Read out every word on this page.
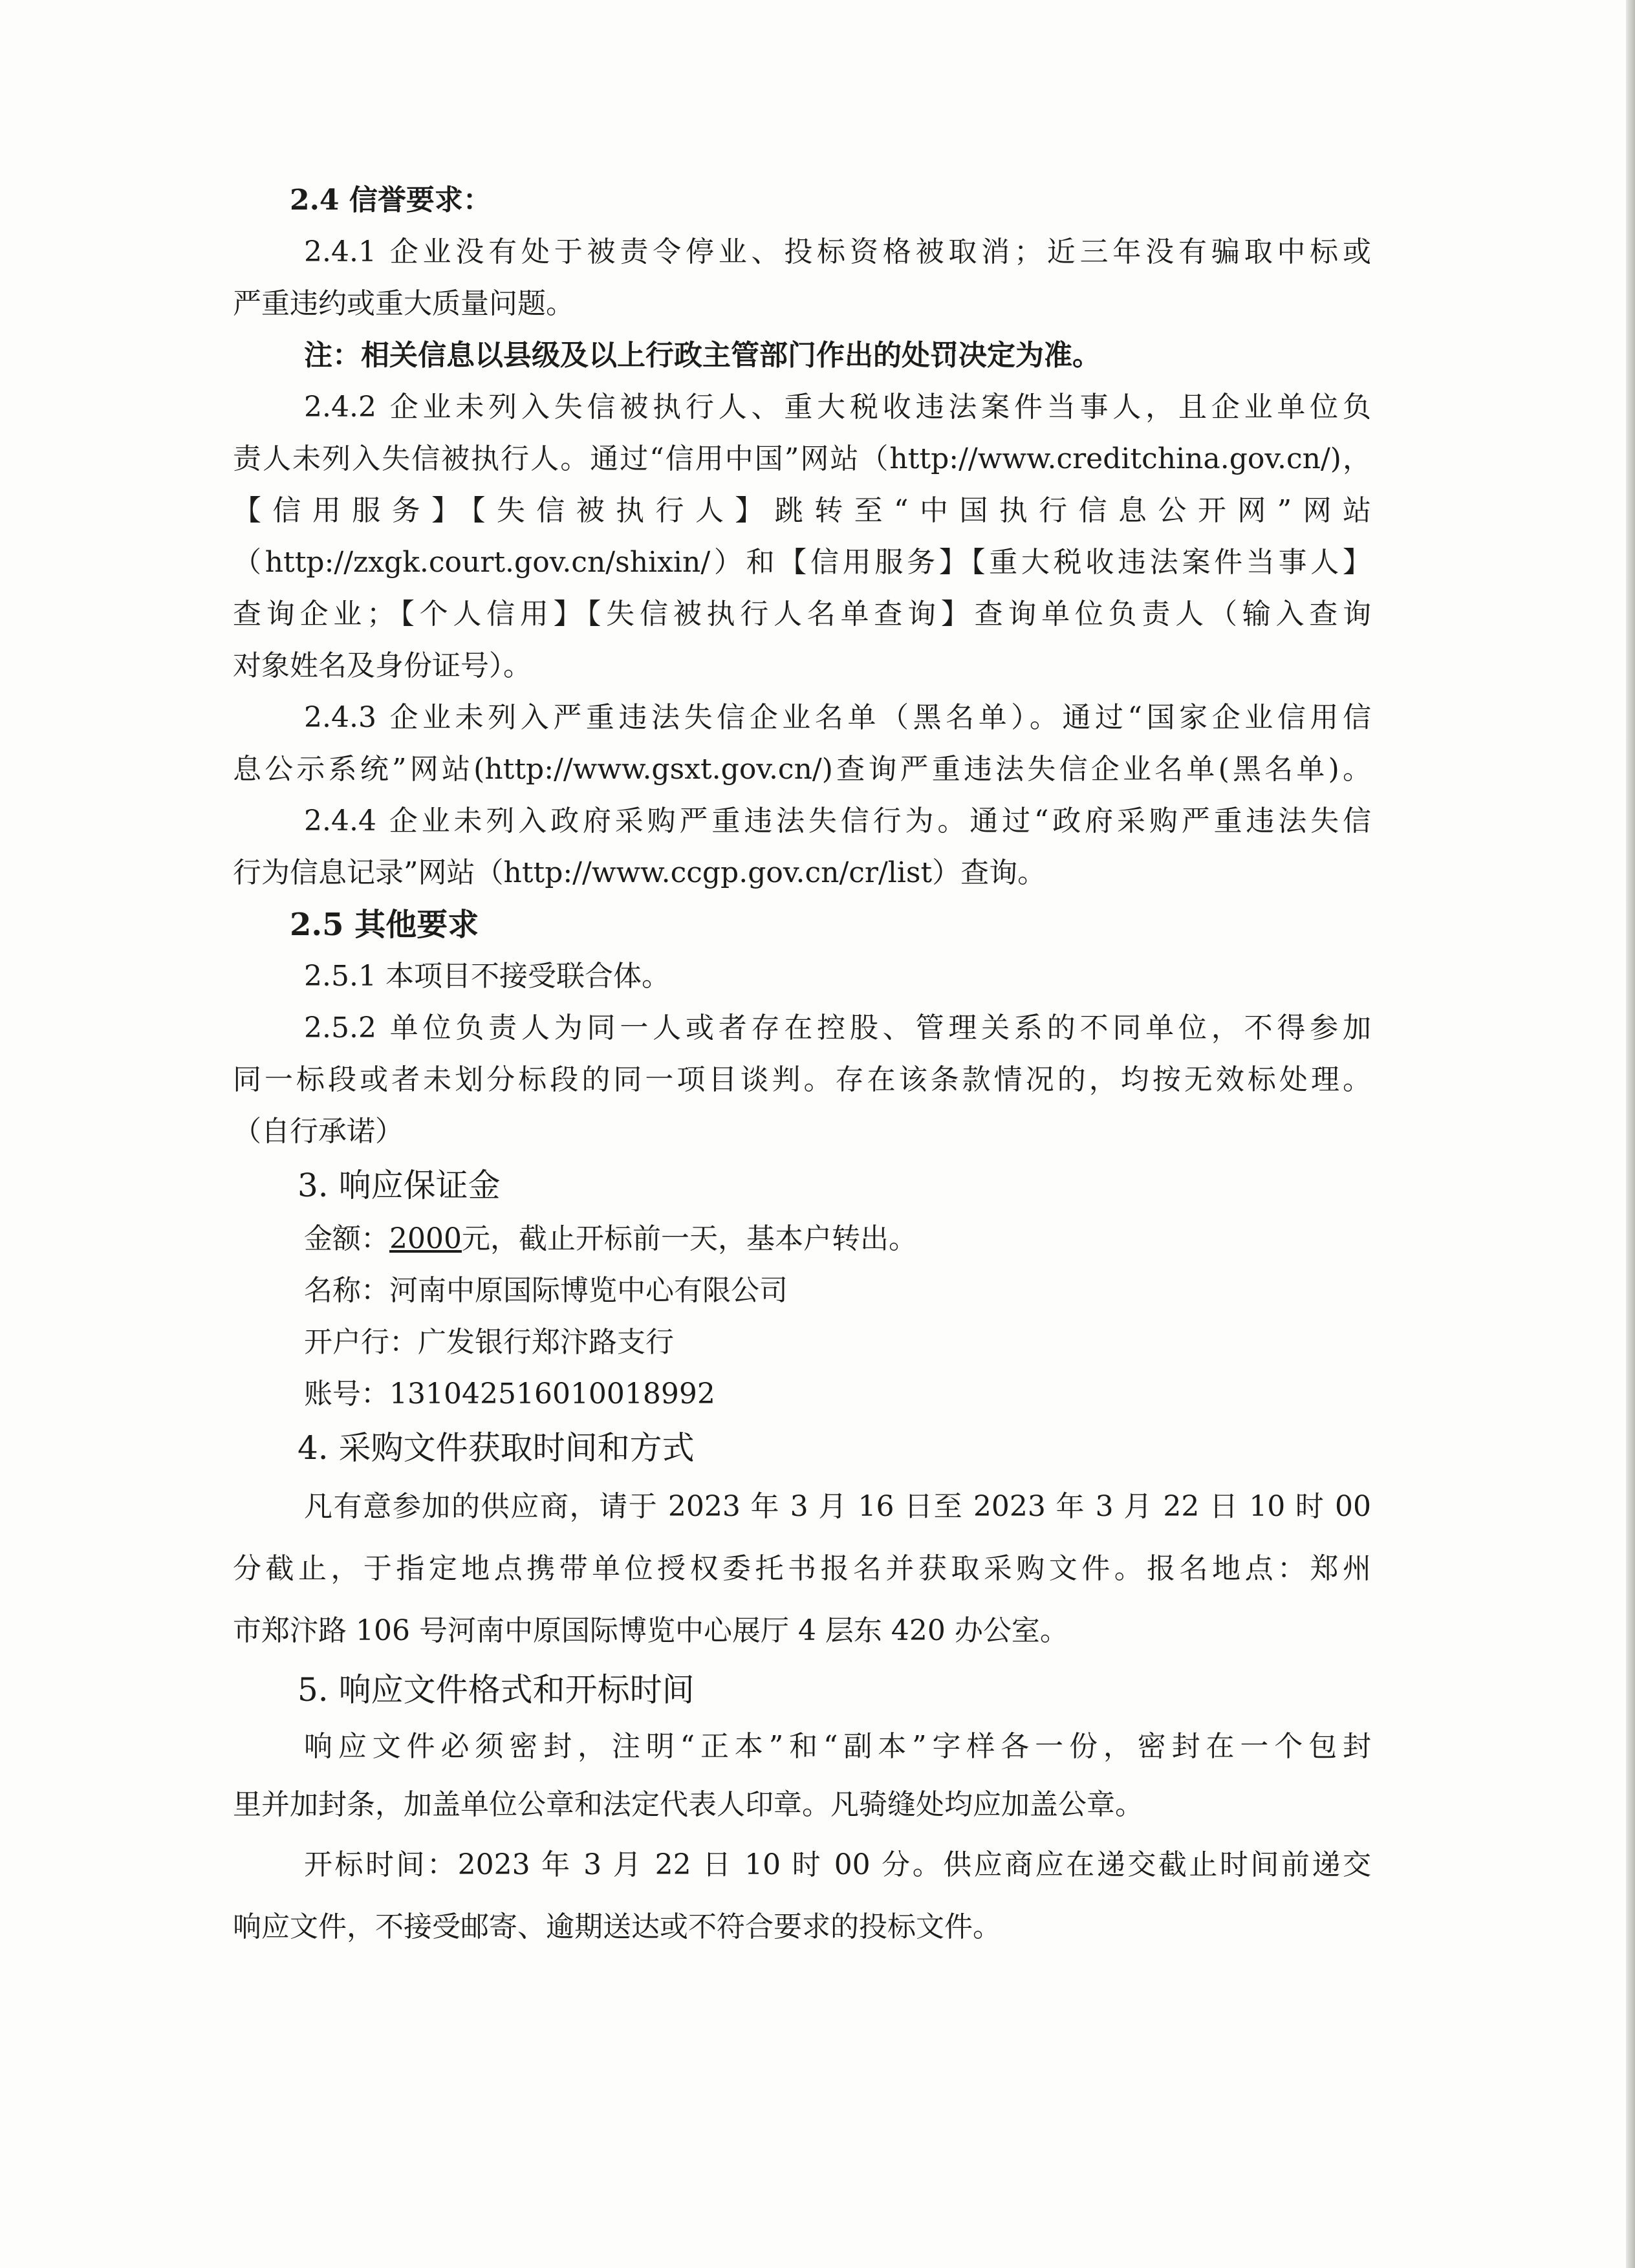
2.4 信誉要求：

2.4.1 企业没有处于被责令停业、投标资格被取消；近三年没有骗取中标或

严重违约或重大质量问题。

注：相关信息以县级及以上行政主管部门作出的处罚决定为准。

2.4.2 企业未列入失信被执行人、重大税收违法案件当事人，且企业单位负

责人未列入失信被执行人。通过“信用中国”网站（http://www.creditchina.gov.cn/)，

【信用服务】【失信被执行人】跳转至“中国执行信息公开网”网站

（http://zxgk.court.gov.cn/shixin/）和【信用服务】【重大税收违法案件当事人】

查询企业；【个人信用】【失信被执行人名单查询】查询单位负责人（输入查询

对象姓名及身份证号）。

2.4.3 企业未列入严重违法失信企业名单（黑名单）。通过“国家企业信用信

息公示系统”网站(http://www.gsxt.gov.cn/)查询严重违法失信企业名单(黑名单)。

2.4.4 企业未列入政府采购严重违法失信行为。通过“政府采购严重违法失信

行为信息记录”网站（http://www.ccgp.gov.cn/cr/list）查询。

2.5 其他要求

2.5.1 本项目不接受联合体。

2.5.2 单位负责人为同一人或者存在控股、管理关系的不同单位，不得参加

同一标段或者未划分标段的同一项目谈判。存在该条款情况的，均按无效标处理。

（自行承诺）

3. 响应保证金

金额：2000元，截止开标前一天，基本户转出。

名称：河南中原国际博览中心有限公司

开户行：广发银行郑汴路支行

账号：131042516010018992

4. 采购文件获取时间和方式

凡有意参加的供应商，请于 2023 年 3 月 16 日至 2023 年 3 月 22 日 10 时 00

分截止，于指定地点携带单位授权委托书报名并获取采购文件。报名地点：郑州

市郑汴路 106 号河南中原国际博览中心展厅 4 层东 420 办公室。

5. 响应文件格式和开标时间

响应文件必须密封，注明“正本”和“副本”字样各一份，密封在一个包封

里并加封条，加盖单位公章和法定代表人印章。凡骑缝处均应加盖公章。

开标时间：2023 年 3 月 22 日 10 时 00 分。供应商应在递交截止时间前递交

响应文件，不接受邮寄、逾期送达或不符合要求的投标文件。
